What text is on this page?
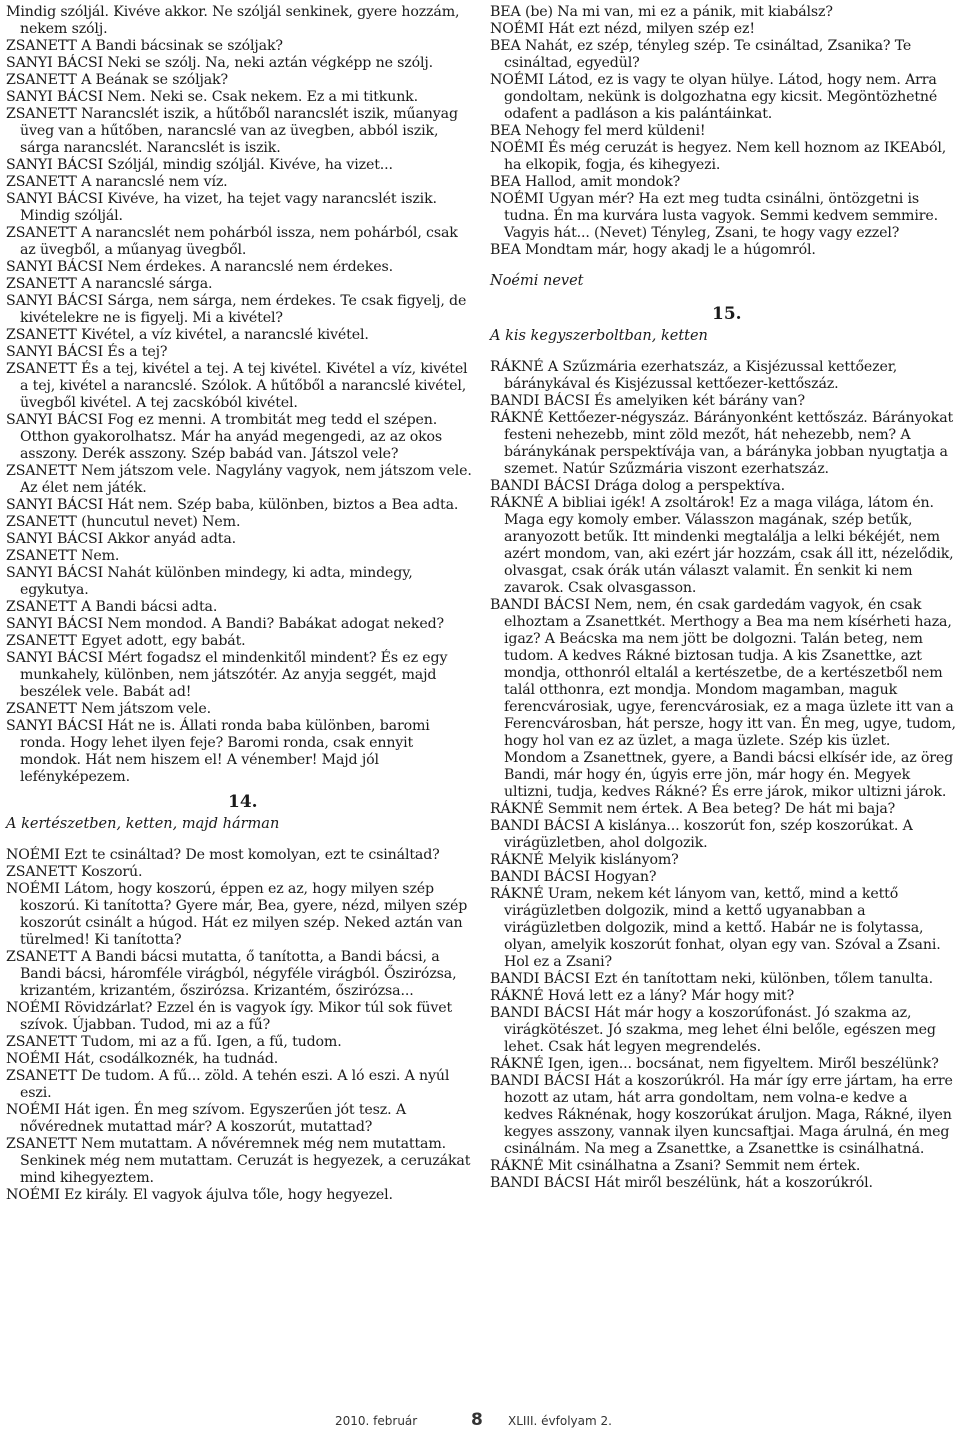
Mindig szóljál. Kivéve akkor. Ne szóljál senkinek, gyere hozzám, nekem szólj.

ZSANETT A Bandi bácsinak se szóljak?

SANYI BÁCSI Neki se szólj. Na, neki aztán végképp ne szólj.

ZSANETT A Beának se szóljak?

SANYI BÁCSI Nem. Neki se. Csak nekem. Ez a mi titkunk.

ZSANETT Narancslét iszik, a hűtőből narancslét iszik, műanyag üveg van a hűtőben, narancslé van az üvegben, abból iszik, sárga narancslét. Narancslét is iszik.

SANYI BÁCSI Szóljál, mindig szóljál. Kivéve, ha vizet...

ZSANETT A narancslé nem víz.

SANYI BÁCSI Kivéve, ha vizet, ha tejet vagy narancslét iszik. Mindig szóljál.

ZSANETT A narancslét nem pohárból issza, nem pohárból, csak az üvegből, a műanyag üvegből.

SANYI BÁCSI Nem érdekes. A narancslé nem érdekes.

ZSANETT A narancslé sárga.

SANYI BÁCSI Sárga, nem sárga, nem érdekes. Te csak figyelj, de kivételekre ne is figyelj. Mi a kivétel?

ZSANETT Kivétel, a víz kivétel, a narancslé kivétel.

SANYI BÁCSI És a tej?

ZSANETT És a tej, kivétel a tej. A tej kivétel. Kivétel a víz, kivétel a tej, kivétel a narancslé. Szólok. A hűtőből a narancslé kivétel, üvegből kivétel. A tej zacskóból kivétel.

SANYI BÁCSI Fog ez menni. A trombitát meg tedd el szépen. Otthon gyakorolhatsz. Már ha anyád megengedi, az az okos asszony. Derék asszony. Szép babád van. Játszol vele?

ZSANETT Nem játszom vele. Nagylány vagyok, nem játszom vele. Az élet nem játék.

SANYI BÁCSI Hát nem. Szép baba, különben, biztos a Bea adta.

ZSANETT (huncutul nevet) Nem.

SANYI BÁCSI Akkor anyád adta.

ZSANETT Nem.

SANYI BÁCSI Nahát különben mindegy, ki adta, mindegy, egykutya.

ZSANETT A Bandi bácsi adta.

SANYI BÁCSI Nem mondod. A Bandi? Babákat adogat neked?

ZSANETT Egyet adott, egy babát.

SANYI BÁCSI Mért fogadsz el mindenkitől mindent? És ez egy munkahely, különben, nem játszótér. Az anyja seggét, majd beszélek vele. Babát ad!

ZSANETT Nem játszom vele.

SANYI BÁCSI Hát ne is. Állati ronda baba különben, baromi ronda. Hogy lehet ilyen feje? Baromi ronda, csak ennyit mondok. Hát nem hiszem el! A vénember! Majd jól lefényképezem.

14.

A kertészetben, ketten, majd hárman

NOÉMI Ezt te csináltad? De most komolyan, ezt te csináltad?

ZSANETT Koszorú.

NOÉMI Látom, hogy koszorú, éppen ez az, hogy milyen szép koszorú. Ki tanította? Gyere már, Bea, gyere, nézd, milyen szép koszorút csinált a húgod. Hát ez milyen szép. Neked aztán van türelmed! Ki tanította?

ZSANETT A Bandi bácsi mutatta, ő tanította, a Bandi bácsi, a Bandi bácsi, háromféle virágból, négyféle virágból. Őszirózsa, krizantém, krizantém, őszirózsa. Krizantém, őszirózsa...

NOÉMI Rövidzárlat? Ezzel én is vagyok így. Mikor túl sok füvet szívok. Újabban. Tudod, mi az a fű?

ZSANETT Tudom, mi az a fű. Igen, a fű, tudom.

NOÉMI Hát, csodálkoznék, ha tudnád.

ZSANETT De tudom. A fű... zöld. A tehén eszi. A ló eszi. A nyúl eszi.

NOÉMI Hát igen. Én meg szívom. Egyszerűen jót tesz. A nővérednek mutattad már? A koszorút, mutattad?

ZSANETT Nem mutattam. A nővéremnek még nem mutattam. Senkinek még nem mutattam. Ceruzát is hegyezek, a ceruzákat mind kihegyeztem.

NOÉMI Ez király. El vagyok ájulva tőle, hogy hegyezel.

BEA (be) Na mi van, mi ez a pánik, mit kiabálsz?

NOÉMI Hát ezt nézd, milyen szép ez!

BEA Nahát, ez szép, tényleg szép. Te csináltad, Zsanika? Te csináltad, egyedül?

NOÉMI Látod, ez is vagy te olyan hülye. Látod, hogy nem. Arra gondoltam, nekünk is dolgozhatna egy kicsit. Megöntözhetné odafent a padláson a kis palántáinkat.

BEA Nehogy fel merd küldeni!

NOÉMI És még ceruzát is hegyez. Nem kell hoznom az IKEAból, ha elkopik, fogja, és kihegyezi.

BEA Hallod, amit mondok?

NOÉMI Ugyan mér? Ha ezt meg tudta csinálni, öntözgetni is tudna. Én ma kurvára lusta vagyok. Semmi kedvem semmire. Vagyis hát... (Nevet) Tényleg, Zsani, te hogy vagy ezzel?

BEA Mondtam már, hogy akadj le a húgomról.

Noémi nevet

15.

A kis kegyszerboltban, ketten

RÁKNÉ A Szűzmária ezerhatszáz, a Kisjézussal kettőezer, báránykával és Kisjézussal kettőezer-kettőszáz.

BANDI BÁCSI És amelyiken két bárány van?

RÁKNÉ Kettőezer-négyszáz. Bárányonként kettőszáz. Bárányokat festeni nehezebb, mint zöld mezőt, hát nehezebb, nem? A báránykának perspektívája van, a bárányka jobban nyugtatja a szemet. Natúr Szűzmária viszont ezerhatszáz.

BANDI BÁCSI Drága dolog a perspektíva.

RÁKNÉ A bibliai igék! A zsoltárok! Ez a maga világa, látom én. Maga egy komoly ember. Válasszon magának, szép betűk, aranyozott betűk. Itt mindenki megtalálja a lelki békéjét, nem azért mondom, van, aki ezért jár hozzám, csak áll itt, nézelődik, olvasgat, csak órák után választ valamit. Én senkit ki nem zavarok. Csak olvasgasson.

BANDI BÁCSI Nem, nem, én csak gardedám vagyok, én csak elhoztam a Zsanettkét. Merthogy a Bea ma nem kísérheti haza, igaz? A Beácska ma nem jött be dolgozni. Talán beteg, nem tudom. A kedves Rákné biztosan tudja. A kis Zsanettke, azt mondja, otthonról eltalál a kertészetbe, de a kertészetből nem talál otthonra, ezt mondja. Mondom magamban, maguk ferencvárosiak, ugye, ferencvárosiak, ez a maga üzlete itt van a Ferencvárosban, hát persze, hogy itt van. Én meg, ugye, tudom, hogy hol van ez az üzlet, a maga üzlete. Szép kis üzlet. Mondom a Zsanettnek, gyere, a Bandi bácsi elkísér ide, az öreg Bandi, már hogy én, úgyis erre jön, már hogy én. Megyek ultizni, tudja, kedves Rákné? És erre járok, mikor ultizni járok.

RÁKNÉ Semmit nem értek. A Bea beteg? De hát mi baja?

BANDI BÁCSI A kislánya... koszorút fon, szép koszorúkat. A virágüzletben, ahol dolgozik.

RÁKNÉ Melyik kislányom?

BANDI BÁCSI Hogyan?

RÁKNÉ Uram, nekem két lányom van, kettő, mind a kettő virágüzletben dolgozik, mind a kettő ugyanabban a virágüzletben dolgozik, mind a kettő. Habár ne is folytassa, olyan, amelyik koszorút fonhat, olyan egy van. Szóval a Zsani. Hol ez a Zsani?

BANDI BÁCSI Ezt én tanítottam neki, különben, tőlem tanulta.

RÁKNÉ Hová lett ez a lány? Már hogy mit?

BANDI BÁCSI Hát már hogy a koszorúfonást. Jó szakma az, virágkötészet. Jó szakma, meg lehet élni belőle, egészen meg lehet. Csak hát legyen megrendelés.

RÁKNÉ Igen, igen... bocsánat, nem figyeltem. Miről beszélünk?

BANDI BÁCSI Hát a koszorúkról. Ha már így erre jártam, ha erre hozott az utam, hát arra gondoltam, nem volna-e kedve a kedves Ráknénak, hogy koszorúkat áruljon. Maga, Rákné, ilyen kegyes asszony, vannak ilyen kuncsaftjai. Maga árulná, én meg csinálnám. Na meg a Zsanettke, a Zsanettke is csinálhatná.

RÁKNÉ Mit csinálhatna a Zsani? Semmit nem értek.

BANDI BÁCSI Hát miről beszélünk, hát a koszorúkról.

2010. február	8 XLIII. évfolyam 2.
